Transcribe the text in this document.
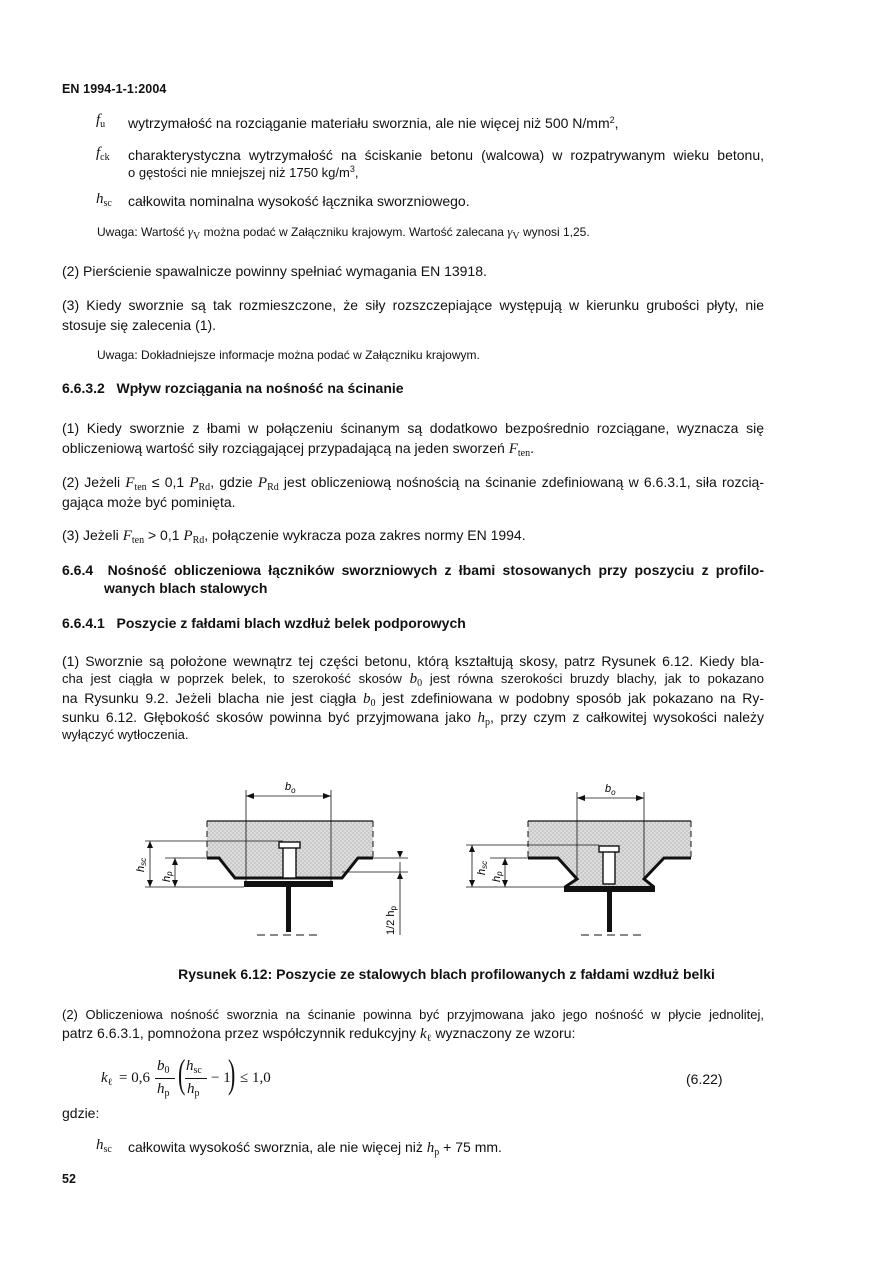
EN 1994-1-1:2004
$f_u$ wytrzymałość na rozciąganie materiału sworznia, ale nie więcej niż 500 $N/mm^2$,
$f_{ck}$ charakterystyczna wytrzymałość na ściskanie betonu (walcowa) w rozpatrywanym wieku betonu,
o gęstości nie mniejszej niż 1750 $kg/m^3$,
$h_{sc}$ całkowita nominalna wysokość łącznika sworzniowego.
Uwaga: Wartość $\gamma_V$ można podać w Załączniku krajowym. Wartość zalecana $\gamma_V$ wynosi 1,25.
(2) Pierścienie spawalnicze powinny spełniać wymagania EN 13918.
(3) Kiedy sworznie są tak rozmieszczone, że siły rozszczepiające występują w kierunku grubości płyty, nie stosuje się zalecenia (1).
Uwaga: Dokładniejsze informacje można podać w Załączniku krajowym.
6.6.3.2 Wpływ rozciągania na nośność na ścinanie
(1) Kiedy sworznie z łbami w połączeniu ścinanym są dodatkowo bezpośrednio rozciągane, wyznacza się obliczeniową wartość siły rozciągającej przypadającą na jeden sworzeń $F_{ten}$.
(2) Jeżeli $F_{ten} \le 0,1$ $P_{Rd}$, gdzie $P_{Rd}$ jest obliczeniową nośnością na ścinanie zdefiniowaną w 6.6.3.1, siła rozcią-
gająca może być pominięta.
(3) Jeżeli $F_{ten} > 0,1$ $P_{Rd}$, połączenie wykracza poza zakres normy EN 1994.
6.6.4 Nośność obliczeniowa łączników sworzniowych z łbami stosowanych przy poszyciu z profilo-
wanych blach stalowych
6.6.4.1 Poszycie z fałdami blach wzdłuż belek podporowych
(1) Sworznie są położone wewnątrz tej części betonu, którą kształtują skosy, patrz Rysunek 6.12. Kiedy bla-
cha jest ciągła w poprzek belek, to szerokość skosów $b_0$ jest równa szerokości bruzdy blachy, jak to pokazano
na Rysunku 9.2. Jeżeli blacha nie jest ciągła $b_0$ jest zdefiniowana w podobny sposób jak pokazano na Ry-
sunku 6.12. Głębokość skosów powinna być przyjmowana jako $h_p$, przy czym z całkowitej wysokości należy
wyłączyć wytłoczenia.
$b_o$
hsc
hp
1/2 hp
$b_o$
hsc
hp
Rysunek 6.12: Poszycie ze stalowych blach profilowanych z fałdami wzdłuż belki
(2) Obliczeniowa nośność sworznia na ścinanie powinna być przyjmowana jako jego nośność w płycie jednolitej,
patrz 6.6.3.1, pomnożona przez współczynnik redukcyjny $k_\ell$ wyznaczony ze wzoru:
$k_\ell = 0,6$
$b_0$
$h_p$ ( $h_{sc}$
$h_p$
− 1
) ≤ 1,0	(6.22)
gdzie:
$h_{sc}$ całkowita wysokość sworznia, ale nie więcej niż $h_p + 75$ mm.
52
